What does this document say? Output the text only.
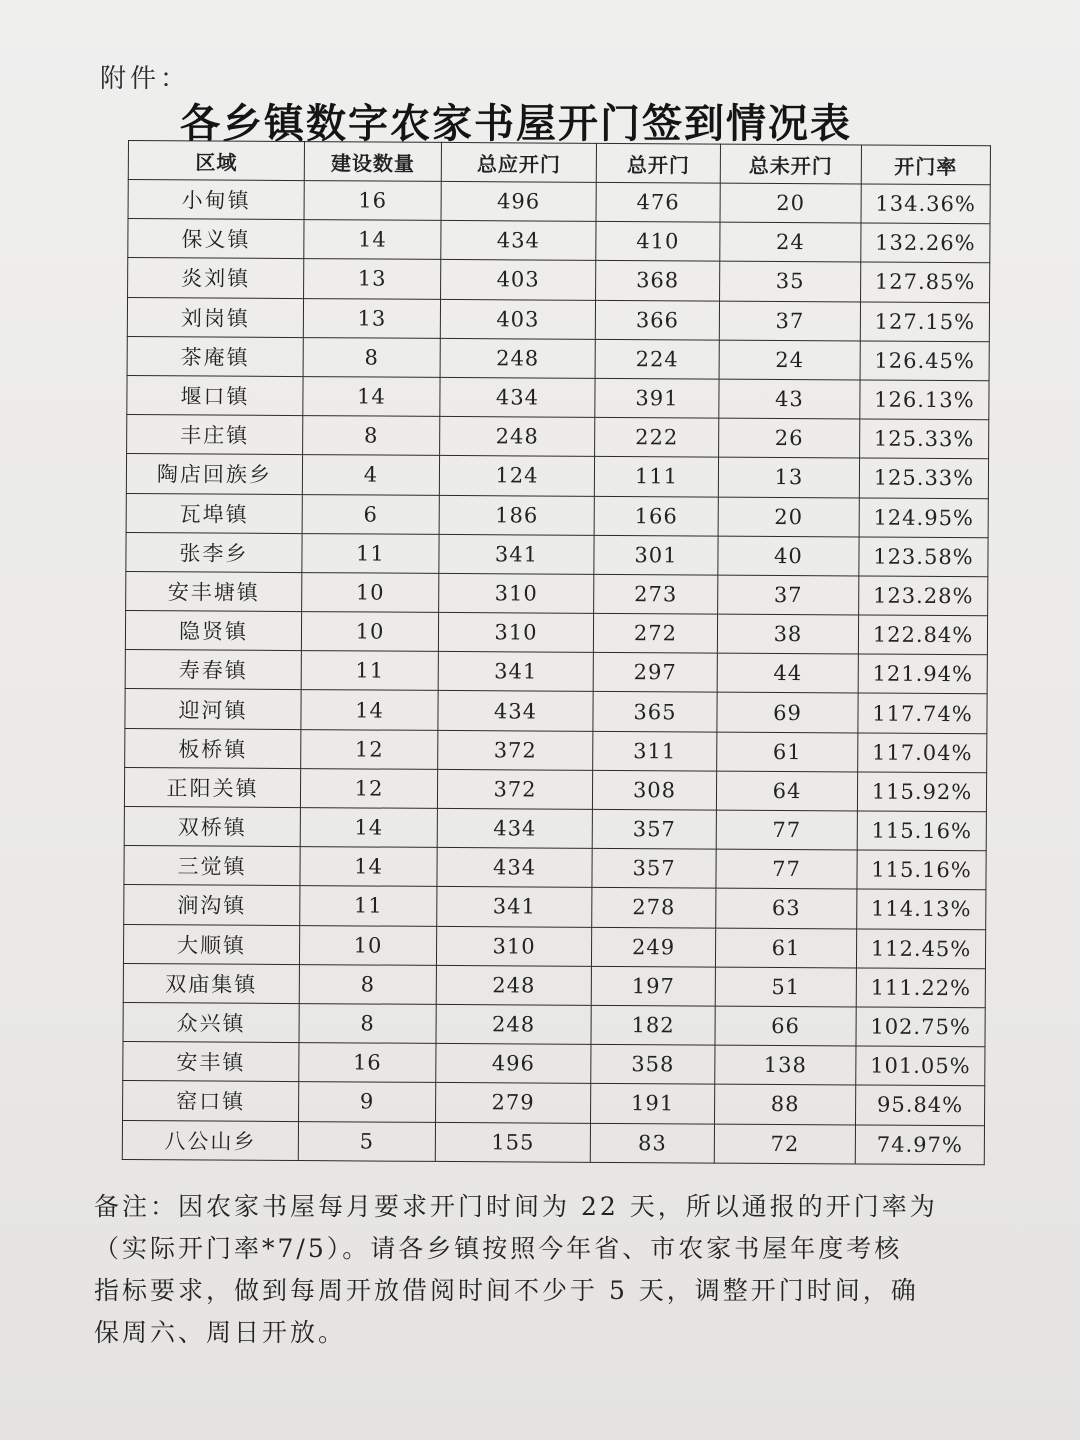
附件：
各乡镇数字农家书屋开门签到情况表
区域	建设数量	总应开门	总开门	总未开门	开门率
小甸镇	16	496	476	20	134.36%
保义镇	14	434	410	24	132.26%
炎刘镇	13	403	368	35	127.85%
刘岗镇	13	403	366	37	127.15%
茶庵镇	8	248	224	24	126.45%
堰口镇	14	434	391	43	126.13%
丰庄镇	8	248	222	26	125.33%
陶店回族乡	4	124	111	13	125.33%
瓦埠镇	6	186	166	20	124.95%
张李乡	11	341	301	40	123.58%
安丰塘镇	10	310	273	37	123.28%
隐贤镇	10	310	272	38	122.84%
寿春镇	11	341	297	44	121.94%
迎河镇	14	434	365	69	117.74%
板桥镇	12	372	311	61	117.04%
正阳关镇	12	372	308	64	115.92%
双桥镇	14	434	357	77	115.16%
三觉镇	14	434	357	77	115.16%
涧沟镇	11	341	278	63	114.13%
大顺镇	10	310	249	61	112.45%
双庙集镇	8	248	197	51	111.22%
众兴镇	8	248	182	66	102.75%
安丰镇	16	496	358	138	101.05%
窑口镇	9	279	191	88	95.84%
八公山乡	5	155	83	72	74.97%
备注：因农家书屋每月要求开门时间为 22 天，所以通报的开门率为
（实际开门率*7/5）。请各乡镇按照今年省、市农家书屋年度考核
指标要求，做到每周开放借阅时间不少于 5 天，调整开门时间，确
保周六、周日开放。
